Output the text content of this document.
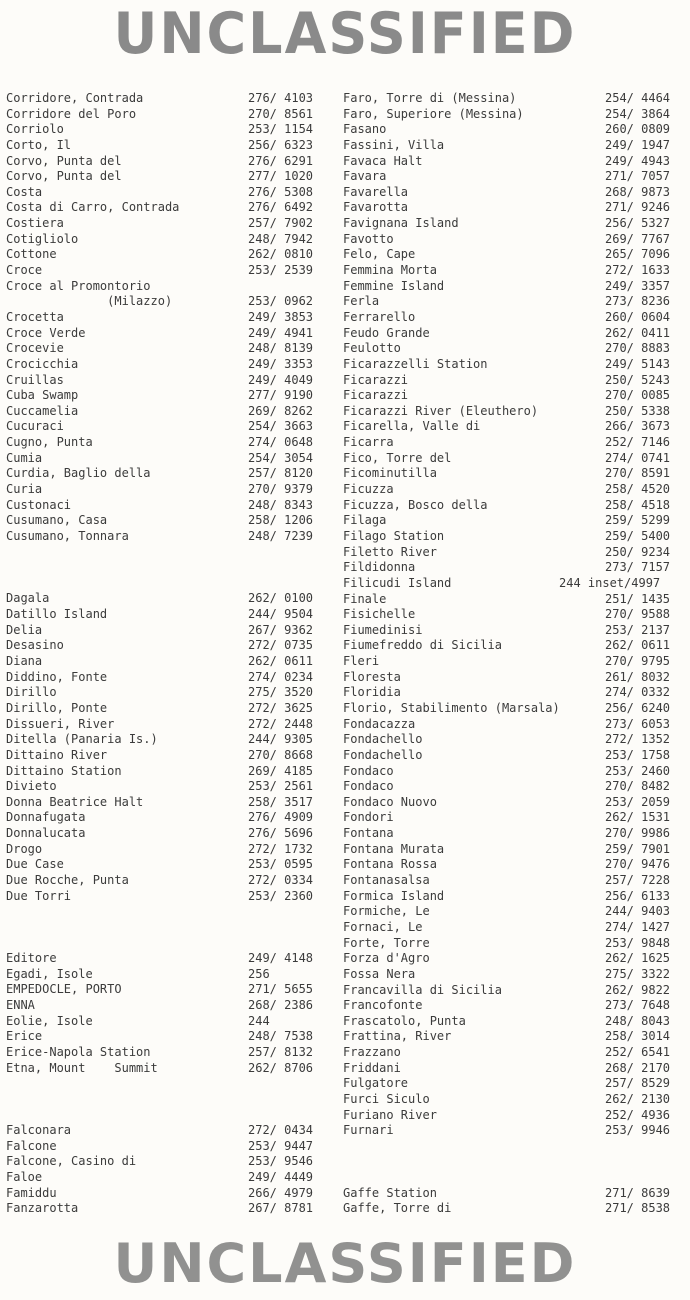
UNCLASSIFIED
Corridore, Contrada	276/ 4103
Corridore del Poro	270/ 8561
Corriolo	253/ 1154
Corto, Il	256/ 6323
Corvo, Punta del	276/ 6291
Corvo, Punta del	277/ 1020
Costa	276/ 5308
Costa di Carro, Contrada	276/ 6492
Costiera	257/ 7902
Cotigliolo	248/ 7942
Cottone	262/ 0810
Croce	253/ 2539
Croce al Promontorio
(Milazzo)	253/ 0962
Crocetta	249/ 3853
Croce Verde	249/ 4941
Crocevie	248/ 8139
Crocicchia	249/ 3353
Cruillas	249/ 4049
Cuba Swamp	277/ 9190
Cuccamelia	269/ 8262
Cucuraci	254/ 3663
Cugno, Punta	274/ 0648
Cumia	254/ 3054
Curdia, Baglio della	257/ 8120
Curia	270/ 9379
Custonaci	248/ 8343
Cusumano, Casa	258/ 1206
Cusumano, Tonnara	248/ 7239
Dagala	262/ 0100
Datillo Island	244/ 9504
Delia	267/ 9362
Desasino	272/ 0735
Diana	262/ 0611
Diddino, Fonte	274/ 0234
Dirillo	275/ 3520
Dirillo, Ponte	272/ 3625
Dissueri, River	272/ 2448
Ditella (Panaria Is.)	244/ 9305
Dittaino River	270/ 8668
Dittaino Station	269/ 4185
Divieto	253/ 2561
Donna Beatrice Halt	258/ 3517
Donnafugata	276/ 4909
Donnalucata	276/ 5696
Drogo	272/ 1732
Due Case	253/ 0595
Due Rocche, Punta	272/ 0334
Due Torri	253/ 2360
Editore	249/ 4148
Egadi, Isole	256
EMPEDOCLE, PORTO	271/ 5655
ENNA	268/ 2386
Eolie, Isole	244
Erice	248/ 7538
Erice-Napola Station	257/ 8132
Etna, Mount    Summit	262/ 8706
Falconara	272/ 0434
Falcone	253/ 9447
Falcone, Casino di	253/ 9546
Faloe	249/ 4449
Famiddu	266/ 4979
Fanzarotta	267/ 8781
Faro, Torre di (Messina)	254/ 4464
Faro, Superiore (Messina)	254/ 3864
Fasano	260/ 0809
Fassini, Villa	249/ 1947
Favaca Halt	249/ 4943
Favara	271/ 7057
Favarella	268/ 9873
Favarotta	271/ 9246
Favignana Island	256/ 5327
Favotto	269/ 7767
Felo, Cape	265/ 7096
Femmina Morta	272/ 1633
Femmine Island	249/ 3357
Ferla	273/ 8236
Ferrarello	260/ 0604
Feudo Grande	262/ 0411
Feulotto	270/ 8883
Ficarazzelli Station	249/ 5143
Ficarazzi	250/ 5243
Ficarazzi	270/ 0085
Ficarazzi River (Eleuthero)	250/ 5338
Ficarella, Valle di	266/ 3673
Ficarra	252/ 7146
Fico, Torre del	274/ 0741
Ficominutilla	270/ 8591
Ficuzza	258/ 4520
Ficuzza, Bosco della	258/ 4518
Filaga	259/ 5299
Filago Station	259/ 5400
Filetto River	250/ 9234
Fildidonna	273/ 7157
Filicudi Island	244 inset/4997
Finale	251/ 1435
Fisichelle	270/ 9588
Fiumedinisi	253/ 2137
Fiumefreddo di Sicilia	262/ 0611
Fleri	270/ 9795
Floresta	261/ 8032
Floridia	274/ 0332
Florio, Stabilimento (Marsala)	256/ 6240
Fondacazza	273/ 6053
Fondachello	272/ 1352
Fondachello	253/ 1758
Fondaco	253/ 2460
Fondaco	270/ 8482
Fondaco Nuovo	253/ 2059
Fondori	262/ 1531
Fontana	270/ 9986
Fontana Murata	259/ 7901
Fontana Rossa	270/ 9476
Fontanasalsa	257/ 7228
Formica Island	256/ 6133
Formiche, Le	244/ 9403
Fornaci, Le	274/ 1427
Forte, Torre	253/ 9848
Forza d'Agro	262/ 1625
Fossa Nera	275/ 3322
Francavilla di Sicilia	262/ 9822
Francofonte	273/ 7648
Frascatolo, Punta	248/ 8043
Frattina, River	258/ 3014
Frazzano	252/ 6541
Friddani	268/ 2170
Fulgatore	257/ 8529
Furci Siculo	262/ 2130
Furiano River	252/ 4936
Furnari	253/ 9946
Gaffe Station	271/ 8639
Gaffe, Torre di	271/ 8538
UNCLASSIFIED
